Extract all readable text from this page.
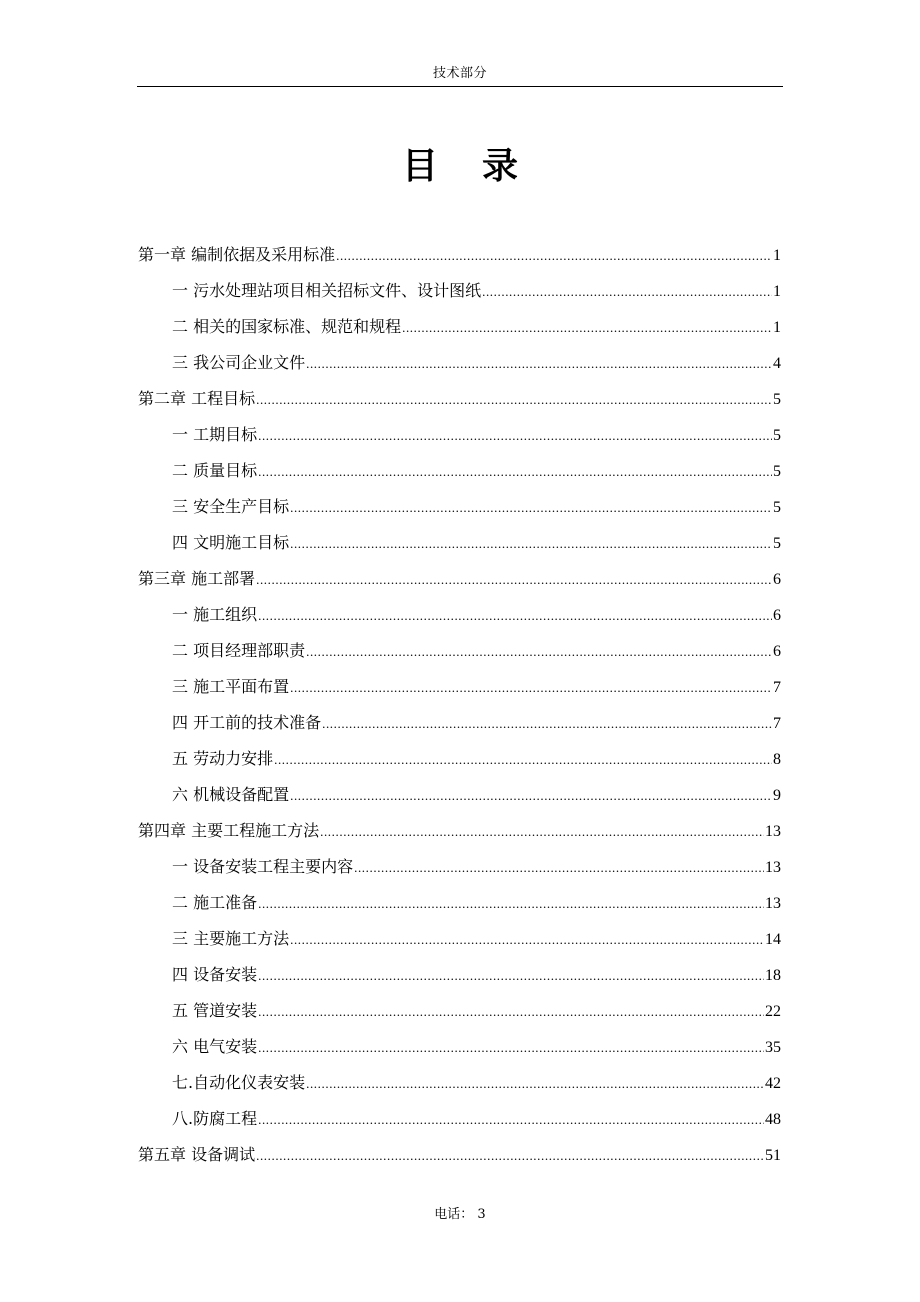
技术部分
目录
第一章 编制依据及采用标准 .....	1
一 污水处理站项目相关招标文件、设计图纸 .....	1
二 相关的国家标准、规范和规程 .....	1
三 我公司企业文件 .....	4
第二章 工程目标 .....	5
一 工期目标 .....	5
二 质量目标 .....	5
三 安全生产目标 .....	5
四 文明施工目标 .....	5
第三章 施工部署 .....	6
一 施工组织 .....	6
二 项目经理部职责 .....	6
三 施工平面布置 .....	7
四 开工前的技术准备 .....	7
五 劳动力安排 .....	8
六 机械设备配置 .....	9
第四章 主要工程施工方法 .....	13
一 设备安装工程主要内容 .....	13
二 施工准备 .....	13
三 主要施工方法 .....	14
四 设备安装 .....	18
五 管道安装 .....	22
六 电气安装 .....	35
七.自动化仪表安装 .....	42
八.防腐工程 .....	48
第五章 设备调试 .....	51
电话： 3
